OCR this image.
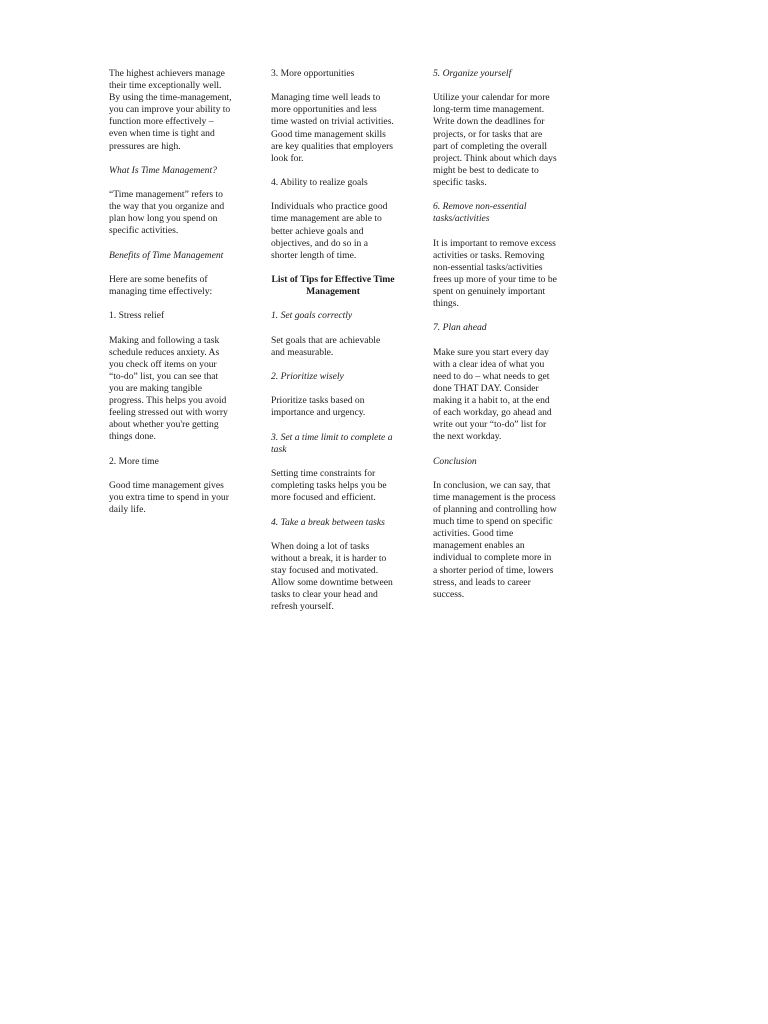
The highest achievers manage their time exceptionally well. By using the time-management, you can improve your ability to function more effectively – even when time is tight and pressures are high.

What Is Time Management?

“Time management” refers to the way that you organize and plan how long you spend on specific activities.

Benefits of Time Management

Here are some benefits of managing time effectively:

1. Stress relief

Making and following a task schedule reduces anxiety. As you check off items on your “to-do” list, you can see that you are making tangible progress. This helps you avoid feeling stressed out with worry about whether you're getting things done.

2. More time

Good time management gives you extra time to spend in your daily life.

3. More opportunities

Managing time well leads to more opportunities and less time wasted on trivial activities. Good time management skills are key qualities that employers look for.

4. Ability to realize goals

Individuals who practice good time management are able to better achieve goals and objectives, and do so in a shorter length of time.

List of Tips for Effective Time Management

1. Set goals correctly

Set goals that are achievable and measurable.

2. Prioritize wisely

Prioritize tasks based on importance and urgency.

3. Set a time limit to complete a task

Setting time constraints for completing tasks helps you be more focused and efficient.

4. Take a break between tasks

When doing a lot of tasks without a break, it is harder to stay focused and motivated. Allow some downtime between tasks to clear your head and refresh yourself.

5. Organize yourself

Utilize your calendar for more long-term time management. Write down the deadlines for projects, or for tasks that are part of completing the overall project. Think about which days might be best to dedicate to specific tasks.

6. Remove non-essential tasks/activities

It is important to remove excess activities or tasks. Removing non-essential tasks/activities frees up more of your time to be spent on genuinely important things.

7. Plan ahead

Make sure you start every day with a clear idea of what you need to do – what needs to get done THAT DAY. Consider making it a habit to, at the end of each workday, go ahead and write out your “to-do” list for the next workday.

Conclusion

In conclusion, we can say, that time management is the process of planning and controlling how much time to spend on specific activities. Good time management enables an individual to complete more in a shorter period of time, lowers stress, and leads to career success.
